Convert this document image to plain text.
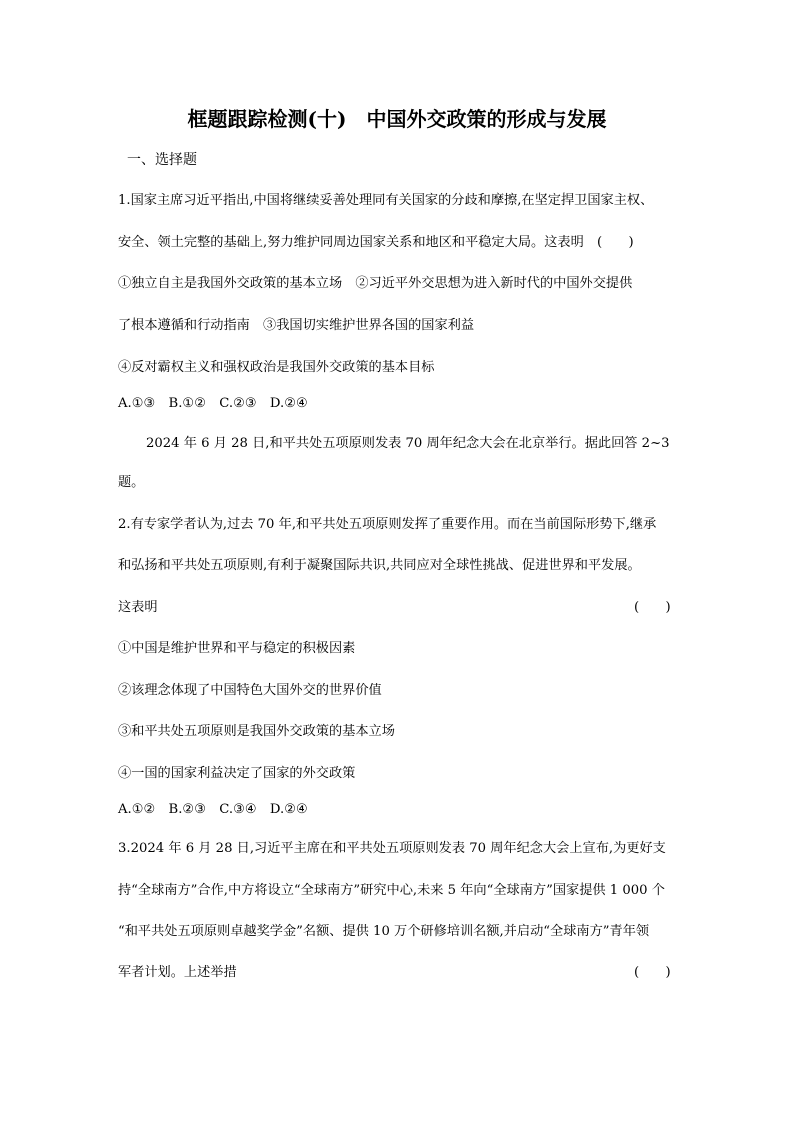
框题跟踪检测(十)　中国外交政策的形成与发展
一、选择题
1.国家主席习近平指出,中国将继续妥善处理同有关国家的分歧和摩擦,在坚定捍卫国家主权、
安全、领土完整的基础上,努力维护同周边国家关系和地区和平稳定大局。这表明　(　　)
①独立自主是我国外交政策的基本立场　②习近平外交思想为进入新时代的中国外交提供
了根本遵循和行动指南　③我国切实维护世界各国的国家利益
④反对霸权主义和强权政治是我国外交政策的基本目标
A.①③　B.①②　C.②③　D.②④
2024 年 6 月 28 日,和平共处五项原则发表 70 周年纪念大会在北京举行。据此回答 2~3
题。
2.有专家学者认为,过去 70 年,和平共处五项原则发挥了重要作用。而在当前国际形势下,继承
和弘扬和平共处五项原则,有利于凝聚国际共识,共同应对全球性挑战、促进世界和平发展。
这表明	(　　)
①中国是维护世界和平与稳定的积极因素
②该理念体现了中国特色大国外交的世界价值
③和平共处五项原则是我国外交政策的基本立场
④一国的国家利益决定了国家的外交政策
A.①②　B.②③　C.③④　D.②④
3.2024 年 6 月 28 日,习近平主席在和平共处五项原则发表 70 周年纪念大会上宣布,为更好支
持“全球南方”合作,中方将设立“全球南方”研究中心,未来 5 年向“全球南方”国家提供 1 000 个
“和平共处五项原则卓越奖学金”名额、提供 10 万个研修培训名额,并启动“全球南方”青年领
军者计划。上述举措	(　　)
